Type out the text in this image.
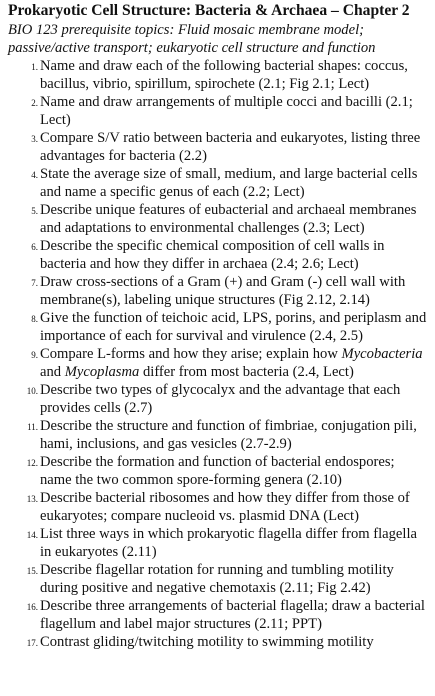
Prokaryotic Cell Structure: Bacteria & Archaea – Chapter 2

BIO 123 prerequisite topics: Fluid mosaic membrane model; passive/active transport; eukaryotic cell structure and function

1. Name and draw each of the following bacterial shapes: coccus, bacillus, vibrio, spirillum, spirochete (2.1; Fig 2.1; Lect)
2. Name and draw arrangements of multiple cocci and bacilli (2.1; Lect)
3. Compare S/V ratio between bacteria and eukaryotes, listing three advantages for bacteria (2.2)
4. State the average size of small, medium, and large bacterial cells and name a specific genus of each (2.2; Lect)
5. Describe unique features of eubacterial and archaeal membranes and adaptations to environmental challenges (2.3; Lect)
6. Describe the specific chemical composition of cell walls in bacteria and how they differ in archaea (2.4; 2.6; Lect)
7. Draw cross-sections of a Gram (+) and Gram (-) cell wall with membrane(s), labeling unique structures (Fig 2.12, 2.14)
8. Give the function of teichoic acid, LPS, porins, and periplasm and importance of each for survival and virulence (2.4, 2.5)
9. Compare L-forms and how they arise; explain how Mycobacteria and Mycoplasma differ from most bacteria (2.4, Lect)
10. Describe two types of glycocalyx and the advantage that each provides cells (2.7)
11. Describe the structure and function of fimbriae, conjugation pili, hami, inclusions, and gas vesicles (2.7-2.9)
12. Describe the formation and function of bacterial endospores; name the two common spore-forming genera (2.10)
13. Describe bacterial ribosomes and how they differ from those of eukaryotes; compare nucleoid vs. plasmid DNA (Lect)
14. List three ways in which prokaryotic flagella differ from flagella in eukaryotes (2.11)
15. Describe flagellar rotation for running and tumbling motility during positive and negative chemotaxis (2.11; Fig 2.42)
16. Describe three arrangements of bacterial flagella; draw a bacterial flagellum and label major structures (2.11; PPT)
17. Contrast gliding/twitching motility to swimming motility
